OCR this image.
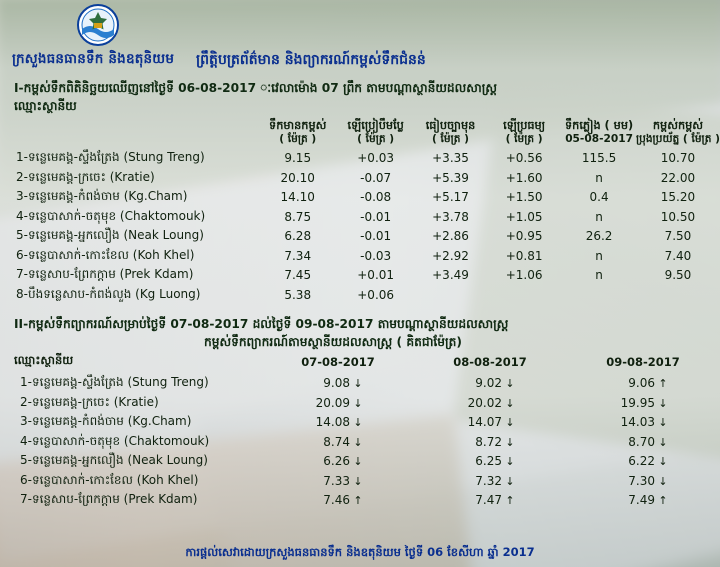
ក្រសួងធនធានទឹក និងឧតុនិយម ព្រឹត្តិបត្រព័ត៌មាន និងព្យាករណ៍កម្ពស់ទឹកជំនន់
I-កម្ពស់ទឹកពិតិនិច្ឆយឈើញនៅថ្ងៃទី 06-08-2017 ៈវេលាម៉ោង 07 ព្រឹក តាមបណ្តាស្ថានីយដលសាស្រ្ត
ឈ្មោះស្ថានីយ
	ទឹកមានកម្ពស់
( ម៉ែត្រ )	ឡើប្រៀបឹមប្លែ
( ម៉ែត្រ )	ធៀបច្បាមុន
( ម៉ែត្រ )	ឡើប្រធម្យ
( ម៉ែត្រ )	ទឹកភ្លៀង ( មម)
05-08-2017	កម្ពស់កម្ពស់
ប្រុងប្រយ័ត្ន ( ម៉ែត្រ )

1-ទន្លេមេគង្គ-ស្ទឹងត្រែង (Stung Treng)	9.15	+0.03	+3.35	+0.56	115.5	10.70
2-ទន្លេមេគង្គ-ក្រចេះ (Kratie)	20.10	-0.07	+5.39	+1.60	n	22.00
3-ទន្លេមេគង្គ-កំពង់ចាម (Kg.Cham)	14.10	-0.08	+5.17	+1.50	0.4	15.20
4-ទន្លេបាសាក់-ចតុមុខ (Chaktomouk)	8.75	-0.01	+3.78	+1.05	n	10.50
5-ទន្លេមេគង្គ-អ្នកលឿង (Neak Loung)	6.28	-0.01	+2.86	+0.95	26.2	7.50
6-ទន្លេបាសាក់-កោះខែល (Koh Khel)	7.34	-0.03	+2.92	+0.81	n	7.40
7-ទន្លេសាប-ព្រែកក្តាម (Prek Kdam)	7.45	+0.01	+3.49	+1.06	n	9.50
8-បឹងទន្លេសាប-កំពង់លួង (Kg Luong)	5.38	+0.06				
II-កម្ពស់ទឹកព្យាករណ៍សម្រាប់ថ្ងៃទី 07-08-2017 ដល់ថ្ងៃទី 09-08-2017 តាមបណ្តាស្ថានីយដលសាស្រ្ត
កម្ពស់ទឹកព្យាករណ៍តាមស្ថានីយដលសាស្រ្ត ( គិតជាម៉ែត្រ)
ឈ្មោះស្ថានីយ	07-08-2017	08-08-2017	09-08-2017
1-ទន្លេមេគង្គ-ស្ទឹងត្រែង (Stung Treng)	9.08 ↓	9.02 ↓	9.06 ↑
2-ទន្លេមេគង្គ-ក្រចេះ (Kratie)	20.09 ↓	20.02 ↓	19.95 ↓
3-ទន្លេមេគង្គ-កំពង់ចាម (Kg.Cham)	14.08 ↓	14.07 ↓	14.03 ↓
4-ទន្លេបាសាក់-ចតុមុខ (Chaktomouk)	8.74 ↓	8.72 ↓	8.70 ↓
5-ទន្លេមេគង្គ-អ្នកលឿង (Neak Loung)	6.26 ↓	6.25 ↓	6.22 ↓
6-ទន្លេបាសាក់-កោះខែល (Koh Khel)	7.33 ↓	7.32 ↓	7.30 ↓
7-ទន្លេសាប-ព្រែកក្តាម (Prek Kdam)	7.46 ↑	7.47 ↑	7.49 ↑
ការផ្តល់សេវាដោយក្រសួងធនធានទឹក និងឧតុនិយម ថ្ងៃទី 06 ខែសីហា ឆ្នាំ 2017
